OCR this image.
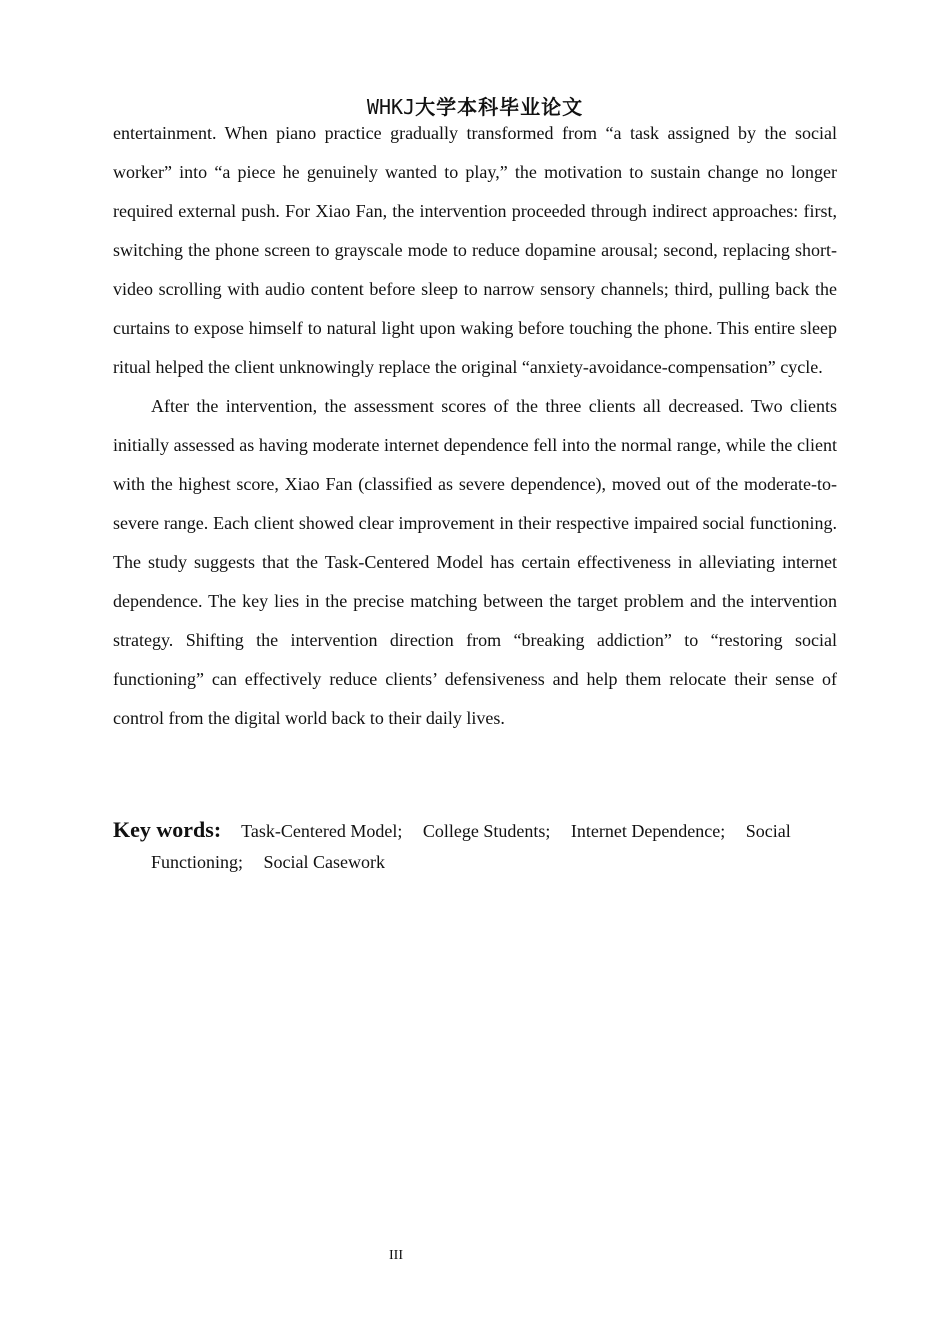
WHKJ大学本科毕业论文

entertainment. When piano practice gradually transformed from “a task assigned by the social worker” into “a piece he genuinely wanted to play,” the motivation to sustain change no longer required external push. For Xiao Fan, the intervention proceeded through indirect approaches: first, switching the phone screen to grayscale mode to reduce dopamine arousal; second, replacing short-video scrolling with audio content before sleep to narrow sensory channels; third, pulling back the curtains to expose himself to natural light upon waking before touching the phone. This entire sleep ritual helped the client unknowingly replace the original “anxiety-avoidance-compensation” cycle.

After the intervention, the assessment scores of the three clients all decreased. Two clients initially assessed as having moderate internet dependence fell into the normal range, while the client with the highest score, Xiao Fan (classified as severe dependence), moved out of the moderate-to-severe range. Each client showed clear improvement in their respective impaired social functioning. The study suggests that the Task-Centered Model has certain effectiveness in alleviating internet dependence. The key lies in the precise matching between the target problem and the intervention strategy. Shifting the intervention direction from “breaking addiction” to “restoring social functioning” can effectively reduce clients’ defensiveness and help them relocate their sense of control from the digital world back to their daily lives.

Key words: Task-Centered Model; College Students; Internet Dependence; Social Functioning; Social Casework
III
